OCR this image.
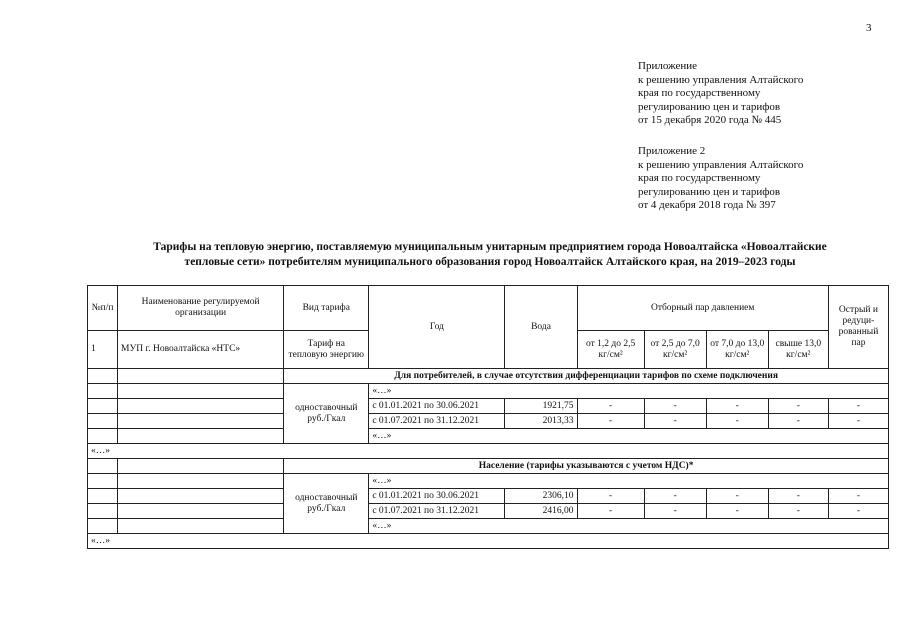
3
Приложение
к решению управления Алтайского
края по государственному
регулированию цен и тарифов
от 15 декабря 2020 года № 445
Приложение 2
к решению управления Алтайского
края по государственному
регулированию цен и тарифов
от 4 декабря 2018 года № 397
Тарифы на тепловую энергию, поставляемую муниципальным унитарным предприятием города Новоалтайска «Новоалтайские
тепловые сети» потребителям муниципального образования город Новоалтайск Алтайского края, на 2019–2023 годы
№п/п	Наименование регулируемой организации	Вид тарифа	Год	Вода	Отборный пар давлением				Острый и редуци-рованный пар
1	МУП г. Новоалтайска «НТС»	Тариф на тепловую энергию			от 1,2 до 2,5 кг/см²	от 2,5 до 7,0 кг/см²	от 7,0 до 13,0 кг/см²	свыше 13,0 кг/см²	
		Для потребителей, в случае отсутствия дифференциации тарифов по схеме подключения							
		одноставочный руб./Гкал	«…»						
			с 01.01.2021 по 30.06.2021	1921,75	-	-	-	-	-
			с 01.07.2021 по 31.12.2021	2013,33	-	-	-	-	-
			«…»						
«…»									
		Население (тарифы указываются с учетом НДС)*							
		одноставочный руб./Гкал	«…»						
			с 01.01.2021 по 30.06.2021	2306,10	-	-	-	-	-
			с 01.07.2021 по 31.12.2021	2416,00	-	-	-	-	-
			«…»						
«…»									
